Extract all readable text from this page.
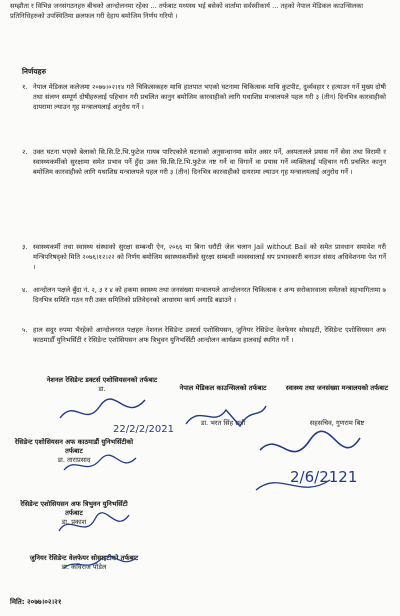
सम्झौता र विभिन्न जनसंगठनहरु बीचको आन्दोलनमा रहेका ... तर्फबाट मध्यस्थ भई बसेको वार्तामा सर्वस्वीकार्य ... तहको नेपाल मेडिकल काउन्सिलका प्रतिनिधिहरुको उपस्थितिमा छलफल गरी देहाय बमोजिम निर्णय गरियो ।
निर्णयहरु
१. नेपाल मेडिकल कलेजमा २०७७।०२।१४ गते चिकित्सकहरु माथि हातपात भएको घटनामा चिकित्सक माथि कुटपीट, दुर्व्यवहार र हत्याउन गर्ने मुख्य दोषी तथा संलग्न सम्पूर्ण दोषीहरुलाई पहिचान गरी प्रचलित कानुन बमोजिम कारवाहीको लागि यथाशिघ्र मन्त्रालयले पहल गरी ३ (तीन) दिनभित्र कारवाहीको दायरामा ल्याउन गृह मन्त्रालयलाई अनुरोध गर्ने ।
२. उक्त घटना भएको बेलाको सि.सि.टि.भि.फुटेज गायब पारिएकोले घटनाको अनुसन्धानमा समेत असर पर्ने, अस्पतालले प्रयास गर्ने सेवा तथा विरामी र स्वास्थ्यकर्मीको सुरक्षामा समेत प्रभाव पर्ने हुँदा उक्त सि.सि.टि.भि.फुटेज नष्ट गर्ने वा विगार्ने वा प्रयास गर्ने व्यक्तिलाई पहिचान गरी प्रचलित कानुन बमोजिम कारवाहीको लागि यथाशिघ्र मन्त्रालयले पहल गरी ३ (तीन) दिनभित्र कारवाहीको दायरामा ल्याउन गृह मन्त्रालयलाई अनुरोध गर्ने ।
३. स्वास्थ्यकर्मी तथा स्वास्थ्य संस्थाको सुरक्षा सम्बन्धी ऐन, २०६६ मा बिना धरौटी जेल चलान Jail without Bail को समेत प्रावधान समावेश गरी मन्त्रिपरिषद्को मिति २०७६।१२।२२ को निर्णय बमोजिम स्वास्थ्यकर्मीको सुरक्षा सम्बन्धी व्यवस्थालाई थप प्रभावकारी बनाउन संसद अधिवेशनमा पेश गर्ने ।
४. आन्दोलन पक्षले बुँदा नं. २, ३ र ४ को हकमा स्वास्थ्य तथा जनसंख्या मन्त्रालयले आन्दोलनरत चिकित्सक र अन्य सरोकारवाला समेतको सहभागितामा ७ दिनभित्र समिति गठन गरी उक्त समितिको प्रतिवेदनको आधारमा कार्य अगाडि बढाउने ।
५. हाल सदुर रुपमा भैरहेको आन्दोलनरत पक्षहरु नेशनल रेसिडेन्ट डक्टर्स एशोसियसन, जुनियर रेसिडेन्ट वेलफेयर सोसाइटी, रेसिडेन्ट एशोसियसन अफ काठमाडौँ युनिभर्सिटी र रेसिडेन्ट एशोसियसन अफ त्रिभुवन युनिभर्सिटी आन्दोलन कार्यक्रम हालवाई स्थगित गर्ने ।
नेशनल रेसिडेन्ट डक्टर्स एशोसियसनको तर्फबाट
डा.
22/2/2/2021
नेपाल मेडिकल काउन्सिलको तर्फबाट
डा. भरत सिंह छत्री
स्वास्थ्य तथा जनसंख्या मन्त्रालयको तर्फबाट
सहसचिव, गुणराम बिष्ट
2/6/2121
रेसिडेन्ट एशोसियसन अफ काठमाडौं युनिभर्सिटीको तर्फबाट
डा. ताराप्रसाद
रेसिडेन्ट एशोसियसन अफ त्रिभुवन युनिभर्सिटी तर्फबाट
डा. प्रकाश
जुनियर रेसिडेन्ट वेलफेयर सोसाइटीको तर्फबाट
डा. कविराज पौडेल
मिति: २०७७।०२।२१
